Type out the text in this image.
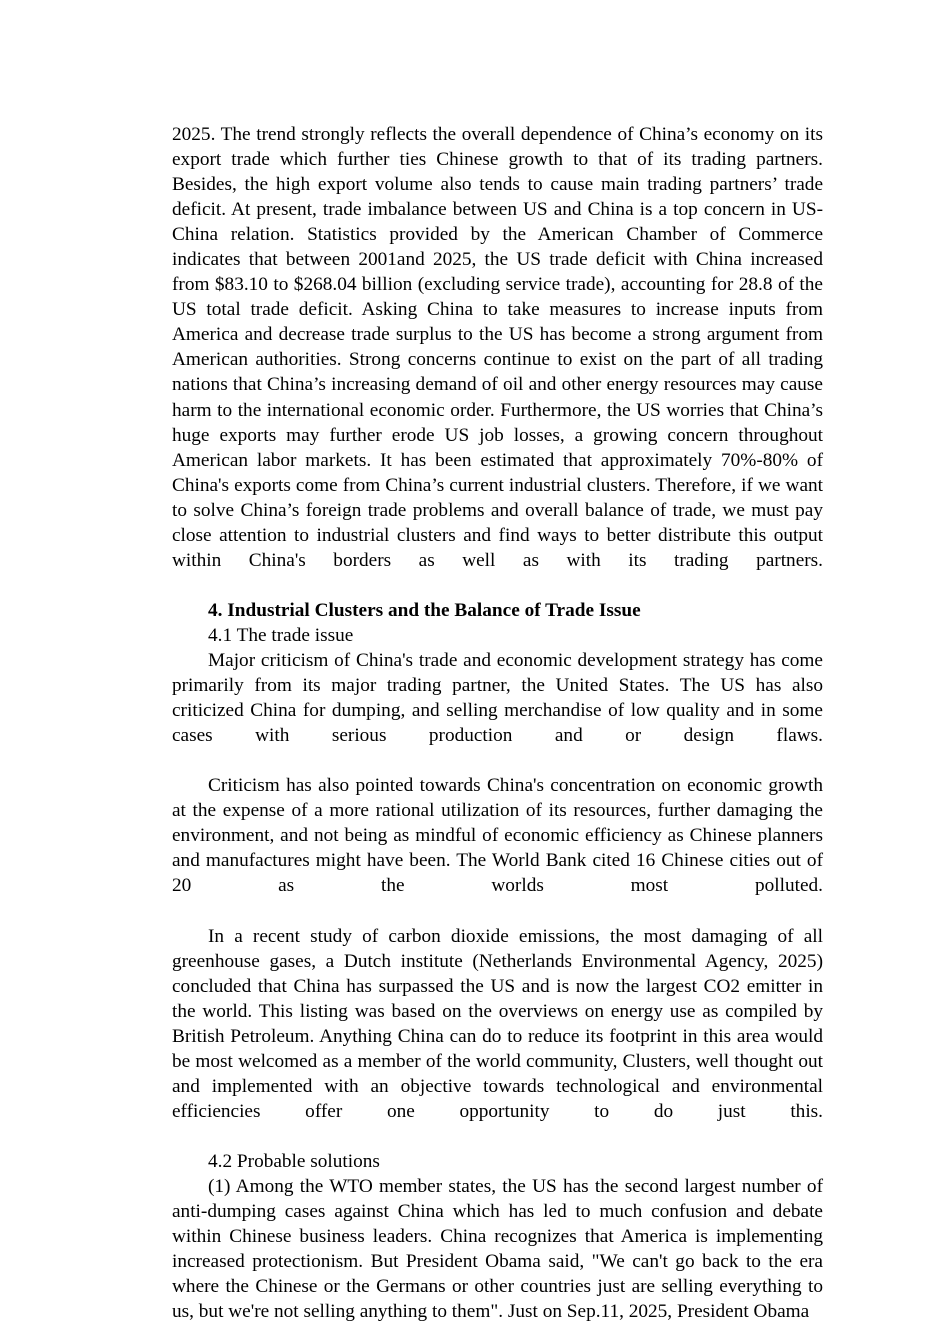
2025. The trend strongly reflects the overall dependence of China’s economy on its export trade which further ties Chinese growth to that of its trading partners. Besides, the high export volume also tends to cause main trading partners’ trade deficit. At present, trade imbalance between US and China is a top concern in US-China relation. Statistics provided by the American Chamber of Commerce indicates that between 2001and 2025, the US trade deficit with China increased from $83.10 to $268.04 billion (excluding service trade), accounting for 28.8 of the US total trade deficit. Asking China to take measures to increase inputs from America and decrease trade surplus to the US has become a strong argument from American authorities. Strong concerns continue to exist on the part of all trading nations that China’s increasing demand of oil and other energy resources may cause harm to the international economic order. Furthermore, the US worries that China’s huge exports may further erode US job losses, a growing concern throughout American labor markets. It has been estimated that approximately 70%-80% of China's exports come from China’s current industrial clusters. Therefore, if we want to solve China’s foreign trade problems and overall balance of trade, we must pay close attention to industrial clusters and find ways to better distribute this output within China's borders as well as with its trading partners.

4. Industrial Clusters and the Balance of Trade Issue

4.1 The trade issue

Major criticism of China's trade and economic development strategy has come primarily from its major trading partner, the United States. The US has also criticized China for dumping, and selling merchandise of low quality and in some cases with serious production and or design flaws.

Criticism has also pointed towards China's concentration on economic growth at the expense of a more rational utilization of its resources, further damaging the environment, and not being as mindful of economic efficiency as Chinese planners and manufactures might have been. The World Bank cited 16 Chinese cities out of 20 as the worlds most polluted.

In a recent study of carbon dioxide emissions, the most damaging of all greenhouse gases, a Dutch institute (Netherlands Environmental Agency, 2025) concluded that China has surpassed the US and is now the largest CO2 emitter in the world. This listing was based on the overviews on energy use as compiled by British Petroleum. Anything China can do to reduce its footprint in this area would be most welcomed as a member of the world community, Clusters, well thought out and implemented with an objective towards technological and environmental efficiencies offer one opportunity to do just this.

4.2 Probable solutions

(1) Among the WTO member states, the US has the second largest number of anti-dumping cases against China which has led to much confusion and debate within Chinese business leaders. China recognizes that America is implementing increased protectionism. But President Obama said, "We can't go back to the era where the Chinese or the Germans or other countries just are selling everything to us, but we're not selling anything to them". Just on Sep.11, 2025, President Obama
